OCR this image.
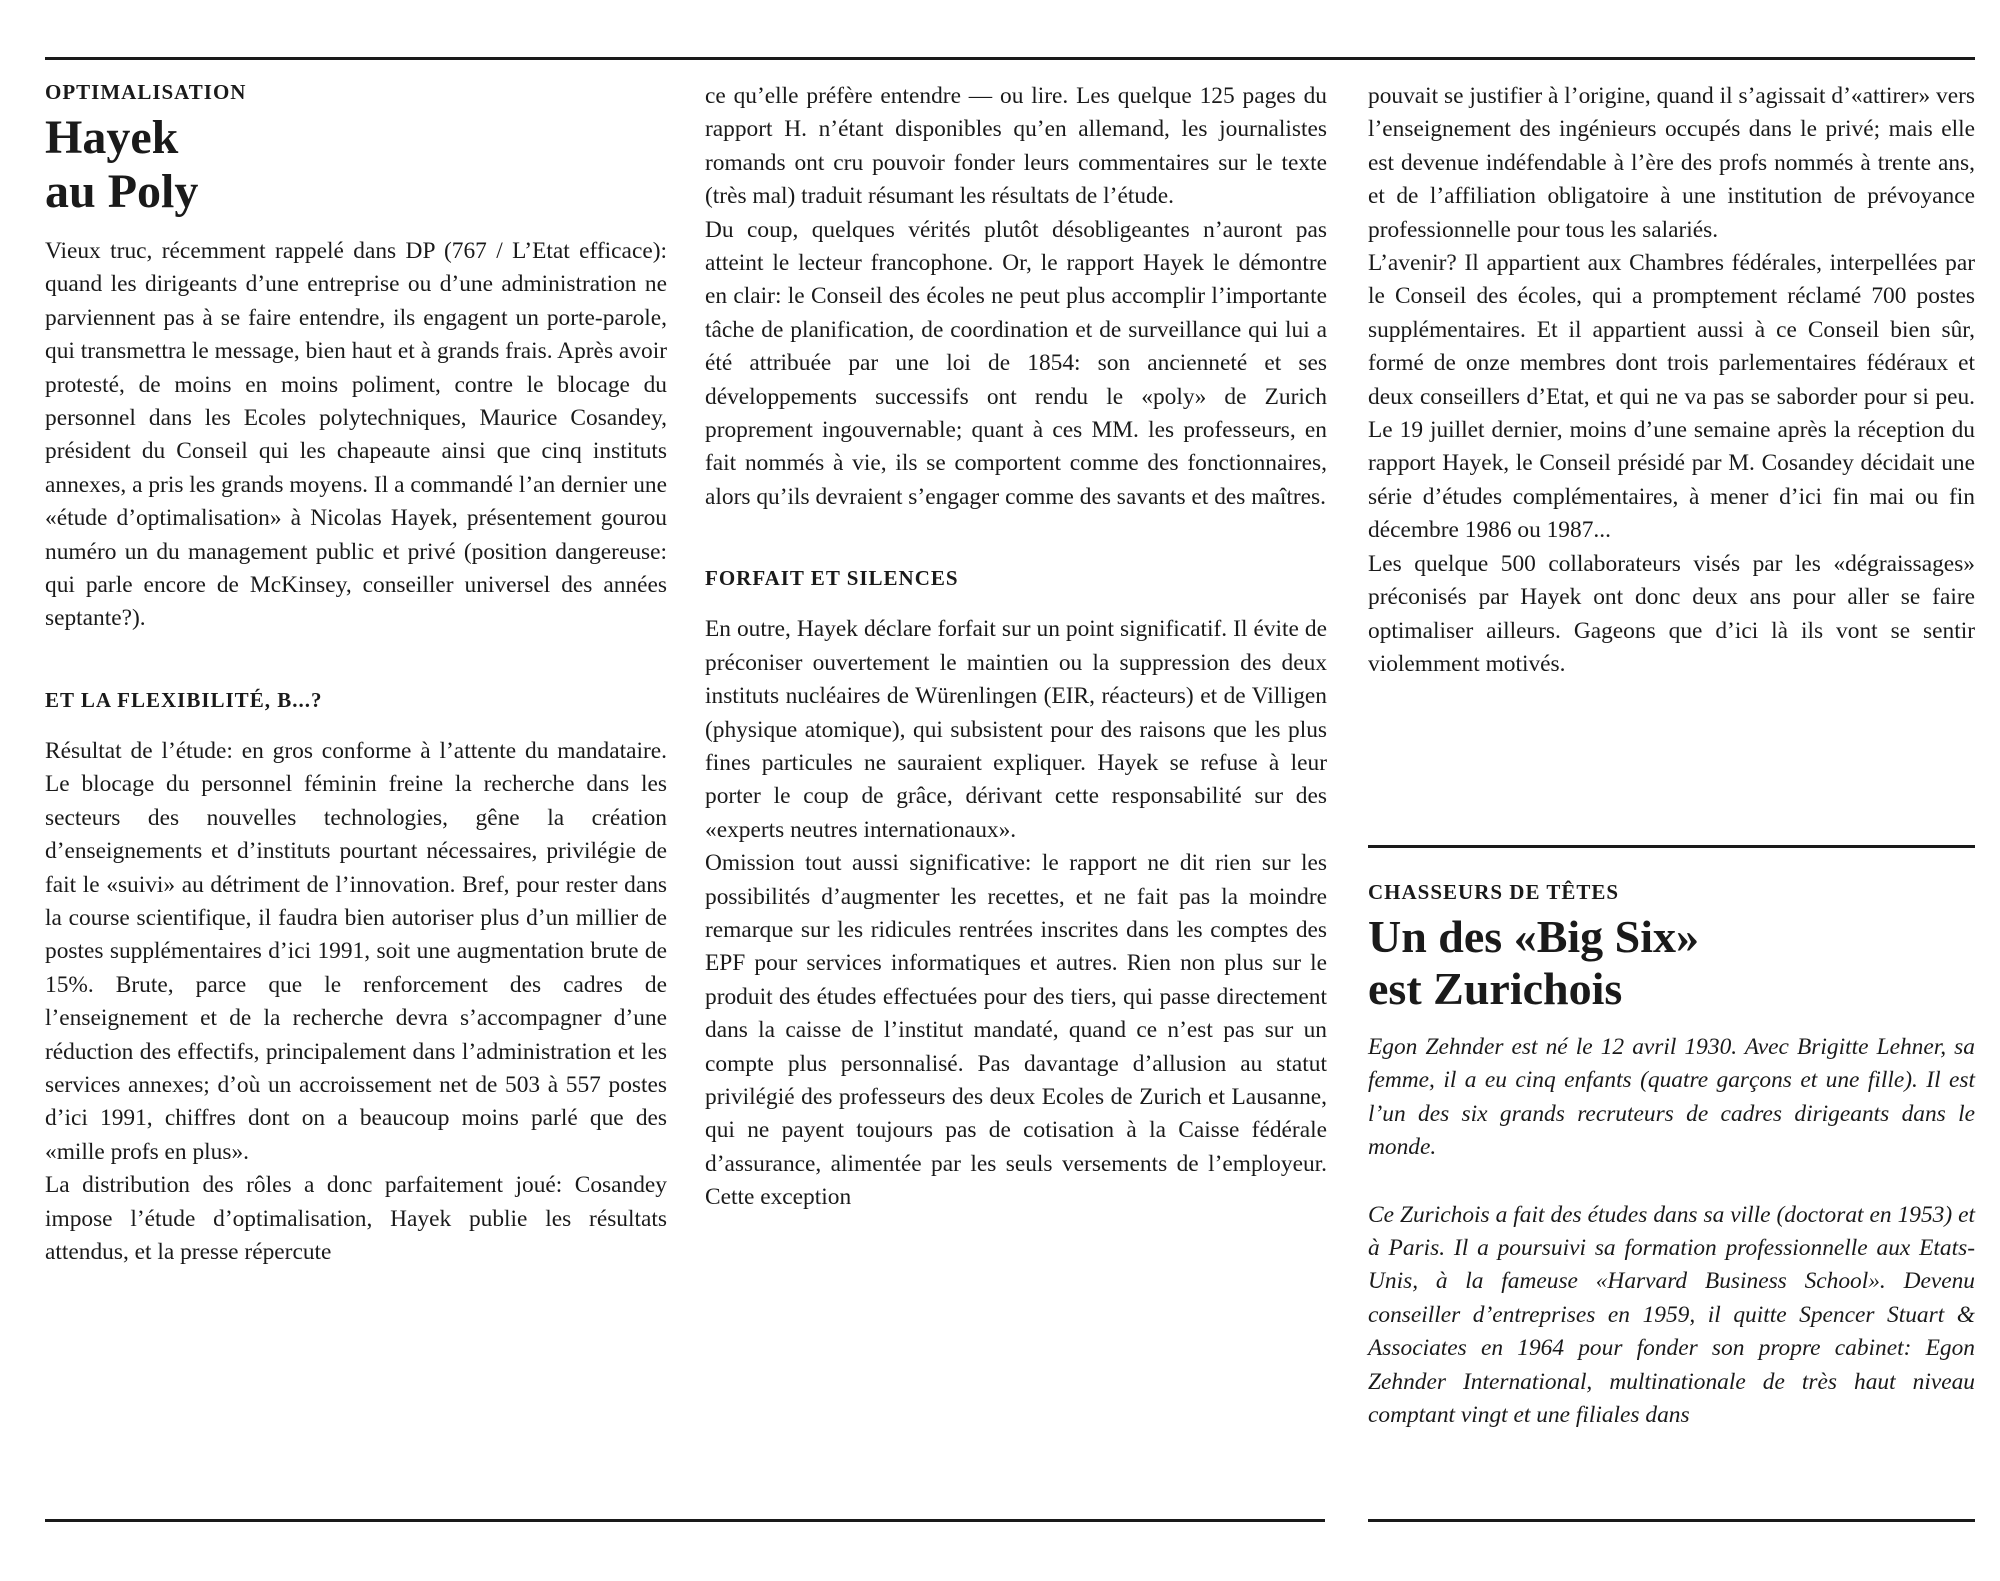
OPTIMALISATION
Hayek
au Poly

Vieux truc, récemment rappelé dans DP (767 / L’Etat efficace): quand les dirigeants d’une entreprise ou d’une administration ne parviennent pas à se faire entendre, ils engagent un porte-parole, qui transmettra le message, bien haut et à grands frais. Après avoir protesté, de moins en moins poliment, contre le blocage du personnel dans les Ecoles polytechniques, Maurice Cosandey, président du Conseil qui les chapeaute ainsi que cinq instituts annexes, a pris les grands moyens. Il a commandé l’an dernier une «étude d’optimalisation» à Nicolas Hayek, présentement gourou numéro un du management public et privé (position dangereuse: qui parle encore de McKinsey, conseiller universel des années septante?).

ET LA FLEXIBILITÉ, B...?

Résultat de l’étude: en gros conforme à l’attente du mandataire. Le blocage du personnel féminin freine la recherche dans les secteurs des nouvelles technologies, gêne la création d’enseignements et d’instituts pourtant nécessaires, privilégie de fait le «suivi» au détriment de l’innovation. Bref, pour rester dans la course scientifique, il faudra bien autoriser plus d’un millier de postes supplémentaires d’ici 1991, soit une augmentation brute de 15%. Brute, parce que le renforcement des cadres de l’enseignement et de la recherche devra s’accompagner d’une réduction des effectifs, principalement dans l’administration et les services annexes; d’où un accroissement net de 503 à 557 postes d’ici 1991, chiffres dont on a beaucoup moins parlé que des «mille profs en plus».

La distribution des rôles a donc parfaitement joué: Cosandey impose l’étude d’optimalisation, Hayek publie les résultats attendus, et la presse répercute

ce qu’elle préfère entendre — ou lire. Les quelque 125 pages du rapport H. n’étant disponibles qu’en allemand, les journalistes romands ont cru pouvoir fonder leurs commentaires sur le texte (très mal) traduit résumant les résultats de l’étude.

Du coup, quelques vérités plutôt désobligeantes n’auront pas atteint le lecteur francophone. Or, le rapport Hayek le démontre en clair: le Conseil des écoles ne peut plus accomplir l’importante tâche de planification, de coordination et de surveillance qui lui a été attribuée par une loi de 1854: son ancienneté et ses développements successifs ont rendu le «poly» de Zurich proprement ingouvernable; quant à ces MM. les professeurs, en fait nommés à vie, ils se comportent comme des fonctionnaires, alors qu’ils devraient s’engager comme des savants et des maîtres.

FORFAIT ET SILENCES

En outre, Hayek déclare forfait sur un point significatif. Il évite de préconiser ouvertement le maintien ou la suppression des deux instituts nucléaires de Würenlingen (EIR, réacteurs) et de Villigen (physique atomique), qui subsistent pour des raisons que les plus fines particules ne sauraient expliquer. Hayek se refuse à leur porter le coup de grâce, dérivant cette responsabilité sur des «experts neutres internationaux».

Omission tout aussi significative: le rapport ne dit rien sur les possibilités d’augmenter les recettes, et ne fait pas la moindre remarque sur les ridicules rentrées inscrites dans les comptes des EPF pour services informatiques et autres. Rien non plus sur le produit des études effectuées pour des tiers, qui passe directement dans la caisse de l’institut mandaté, quand ce n’est pas sur un compte plus personnalisé. Pas davantage d’allusion au statut privilégié des professeurs des deux Ecoles de Zurich et Lausanne, qui ne payent toujours pas de cotisation à la Caisse fédérale d’assurance, alimentée par les seuls versements de l’employeur. Cette exception

pouvait se justifier à l’origine, quand il s’agissait d’«attirer» vers l’enseignement des ingénieurs occupés dans le privé; mais elle est devenue indéfendable à l’ère des profs nommés à trente ans, et de l’affiliation obligatoire à une institution de prévoyance professionnelle pour tous les salariés.

L’avenir? Il appartient aux Chambres fédérales, interpellées par le Conseil des écoles, qui a promptement réclamé 700 postes supplémentaires. Et il appartient aussi à ce Conseil bien sûr, formé de onze membres dont trois parlementaires fédéraux et deux conseillers d’Etat, et qui ne va pas se saborder pour si peu. Le 19 juillet dernier, moins d’une semaine après la réception du rapport Hayek, le Conseil présidé par M. Cosandey décidait une série d’études complémentaires, à mener d’ici fin mai ou fin décembre 1986 ou 1987...

Les quelque 500 collaborateurs visés par les «dégraissages» préconisés par Hayek ont donc deux ans pour aller se faire optimaliser ailleurs. Gageons que d’ici là ils vont se sentir violemment motivés.

CHASSEURS DE TÊTES
Un des «Big Six»
est Zurichois

Egon Zehnder est né le 12 avril 1930. Avec Brigitte Lehner, sa femme, il a eu cinq enfants (quatre garçons et une fille). Il est l’un des six grands recruteurs de cadres dirigeants dans le monde.

Ce Zurichois a fait des études dans sa ville (doctorat en 1953) et à Paris. Il a poursuivi sa formation professionnelle aux Etats-Unis, à la fameuse «Harvard Business School». Devenu conseiller d’entreprises en 1959, il quitte Spencer Stuart & Associates en 1964 pour fonder son propre cabinet: Egon Zehnder International, multinationale de très haut niveau comptant vingt et une filiales dans
